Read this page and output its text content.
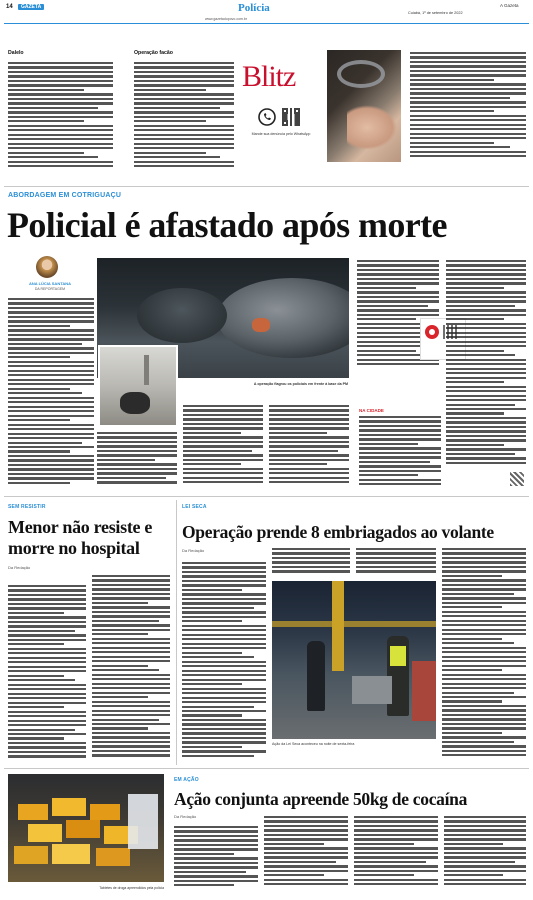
14	GAZETA	Polícia
www.gazetadopovo.com.br
A Gazeta
Cuiabá, 1º de setembro de 2022
Dalelo	Operação facão
Blitz
Mande sua denúncia pelo WhatsApp
ABORDAGEM EM COTRIGUAÇU
Policial é afastado após morte
ANA LÚCIA SANTANA
DA REPORTAGEM
A operação flagrou os policiais em frente à base da PM
NA CIDADE
SEM RESISTIR
Menor não resiste e morre no hospital
Da Redação
LEI SECA
Operação prende 8 embriagados ao volante
Da Redação
Ação da Lei Seca aconteceu na noite de sexta-feira
Tabletes de droga apreendidos pela polícia
EM AÇÃO
Ação conjunta apreende 50kg de cocaína
Da Redação
